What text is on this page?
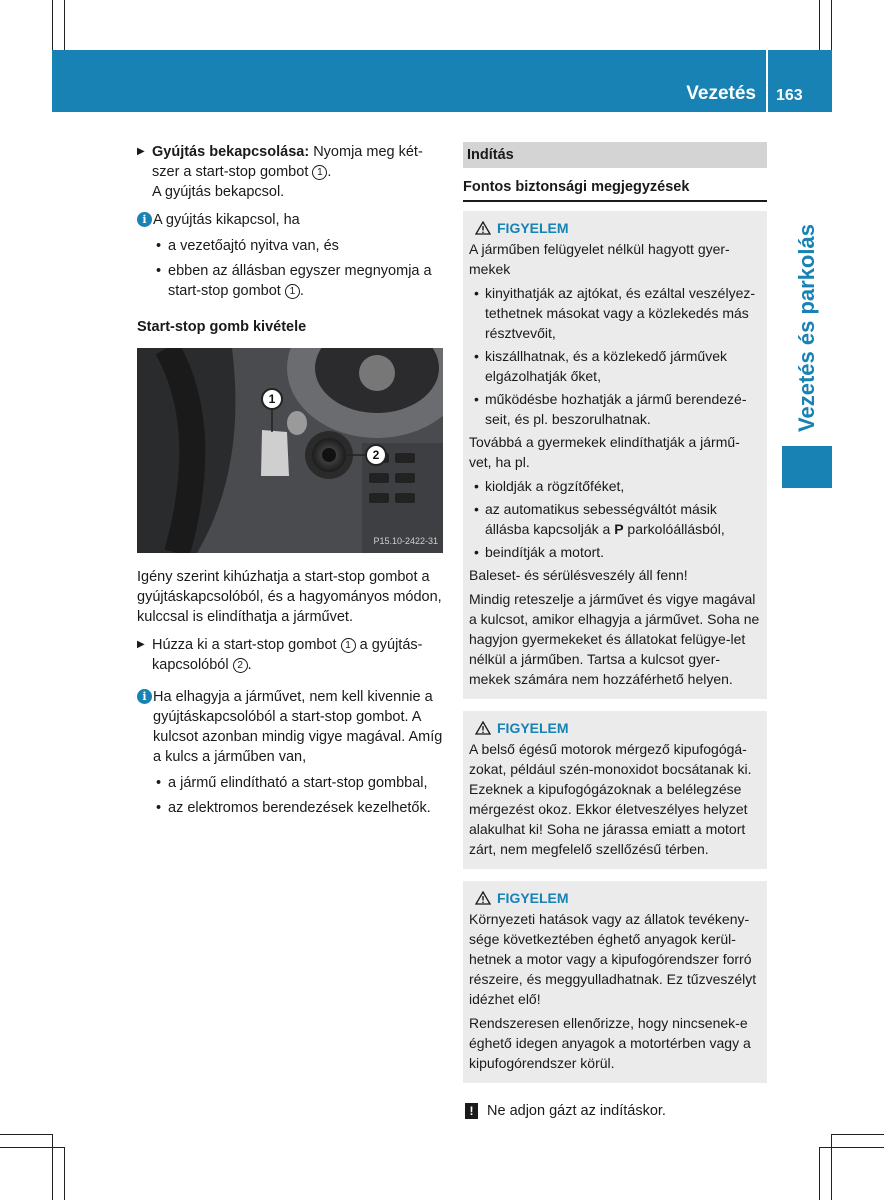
Vezetés 163
Vezetés és parkolás
▶ Gyújtás bekapcsolása: Nyomja meg két-szer a start-stop gombot 1 .
A gyújtás bekapcsol.
i A gyújtás kikapcsol, ha
• a vezetőajtó nyitva van, és
• ebben az állásban egyszer megnyomja a start-stop gombot 1 .
Start-stop gomb kivétele
1
2
P15.10-2422-31

Igény szerint kihúzhatja a start-stop gombot a gyújtáskapcsolóból, és a hagyományos módon, kulccsal is elindíthatja a járművet.

▶ Húzza ki a start-stop gombot 1 a gyújtás-kapcsolóból 2 .
i Ha elhagyja a járművet, nem kell kivennie a gyújtáskapcsolóból a start-stop gombot. A kulcsot azonban mindig vigye magával. Amíg a kulcs a járműben van,
• a jármű elindítható a start-stop gombbal,
• az elektromos berendezések kezelhetők.
Indítás
Fontos biztonsági megjegyzések
FIGYELEM

A járműben felügyelet nélkül hagyott gyer-mekek

• kinyithatják az ajtókat, és ezáltal veszélyez-tethetnek másokat vagy a közlekedés más résztvevőit,
• kiszállhatnak, és a közlekedő járművek elgázolhatják őket,
• működésbe hozhatják a jármű berendezé-seit, és pl. beszorulhatnak.

Továbbá a gyermekek elindíthatják a jármű-vet, ha pl.

• kioldják a rögzítőféket,
• az automatikus sebességváltót másik állásba kapcsolják a P parkolóállásból,
• beindítják a motort.

Baleset- és sérülésveszély áll fenn!

Mindig reteszelje a járművet és vigye magával a kulcsot, amikor elhagyja a járművet. Soha ne hagyjon gyermekeket és állatokat felügye-let nélkül a járműben. Tartsa a kulcsot gyer-mekek számára nem hozzáférhető helyen.

FIGYELEM

A belső égésű motorok mérgező kipufogógá-zokat, például szén-monoxidot bocsátanak ki. Ezeknek a kipufogógázoknak a belélegzése mérgezést okoz. Ekkor életveszélyes helyzet alakulhat ki! Soha ne járassa emiatt a motort zárt, nem megfelelő szellőzésű térben.

FIGYELEM

Környezeti hatások vagy az állatok tevékeny-sége következtében éghető anyagok kerül-hetnek a motor vagy a kipufogórendszer forró részeire, és meggyulladhatnak. Ez tűzveszélyt idézhet elő!

Rendszeresen ellenőrizze, hogy nincsenek-e éghető idegen anyagok a motortérben vagy a kipufogórendszer körül.

! Ne adjon gázt az indításkor.
